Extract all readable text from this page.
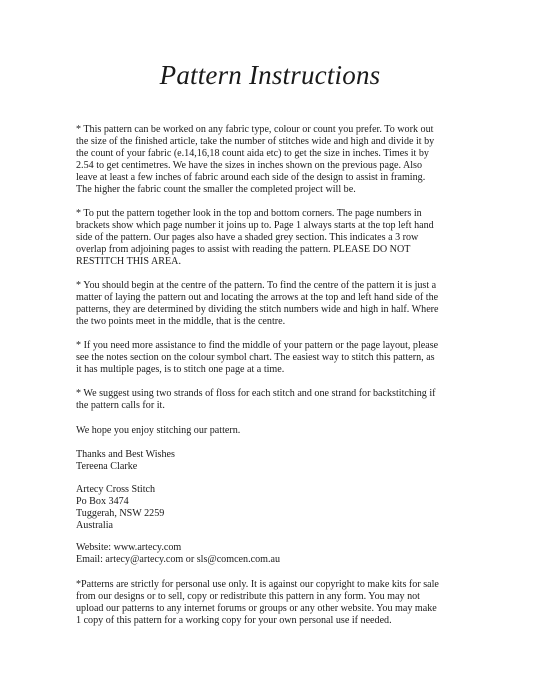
Pattern Instructions

* This pattern can be worked on any fabric type, colour or count you prefer. To work out
the size of the finished article, take the number of stitches wide and high and divide it by
the count of your fabric (e.14,16,18 count aida etc) to get the size in inches. Times it by
2.54 to get centimetres. We have the sizes in inches shown on the previous page. Also
leave at least a few inches of fabric around each side of the design to assist in framing.
The higher the fabric count the smaller the completed project will be.

* To put the pattern together look in the top and bottom corners. The page numbers in
brackets show which page number it joins up to. Page 1 always starts at the top left hand
side of the pattern. Our pages also have a shaded grey section. This indicates a 3 row
overlap from adjoining pages to assist with reading the pattern. PLEASE DO NOT
RESTITCH THIS AREA.

* You should begin at the centre of the pattern. To find the centre of the pattern it is just a
matter of laying the pattern out and locating the arrows at the top and left hand side of the
patterns, they are determined by dividing the stitch numbers wide and high in half. Where
the two points meet in the middle, that is the centre.

* If you need more assistance to find the middle of your pattern or the page layout, please
see the notes section on the colour symbol chart. The easiest way to stitch this pattern, as
it has multiple pages, is to stitch one page at a time.

* We suggest using two strands of floss for each stitch and one strand for backstitching if
the pattern calls for it.

We hope you enjoy stitching our pattern.

Thanks and Best Wishes
Tereena Clarke

Artecy Cross Stitch
Po Box 3474
Tuggerah, NSW 2259
Australia

Website: www.artecy.com
Email: artecy@artecy.com or sls@comcen.com.au

*Patterns are strictly for personal use only. It is against our copyright to make kits for sale
from our designs or to sell, copy or redistribute this pattern in any form. You may not
upload our patterns to any internet forums or groups or any other website. You may make
1 copy of this pattern for a working copy for your own personal use if needed.
